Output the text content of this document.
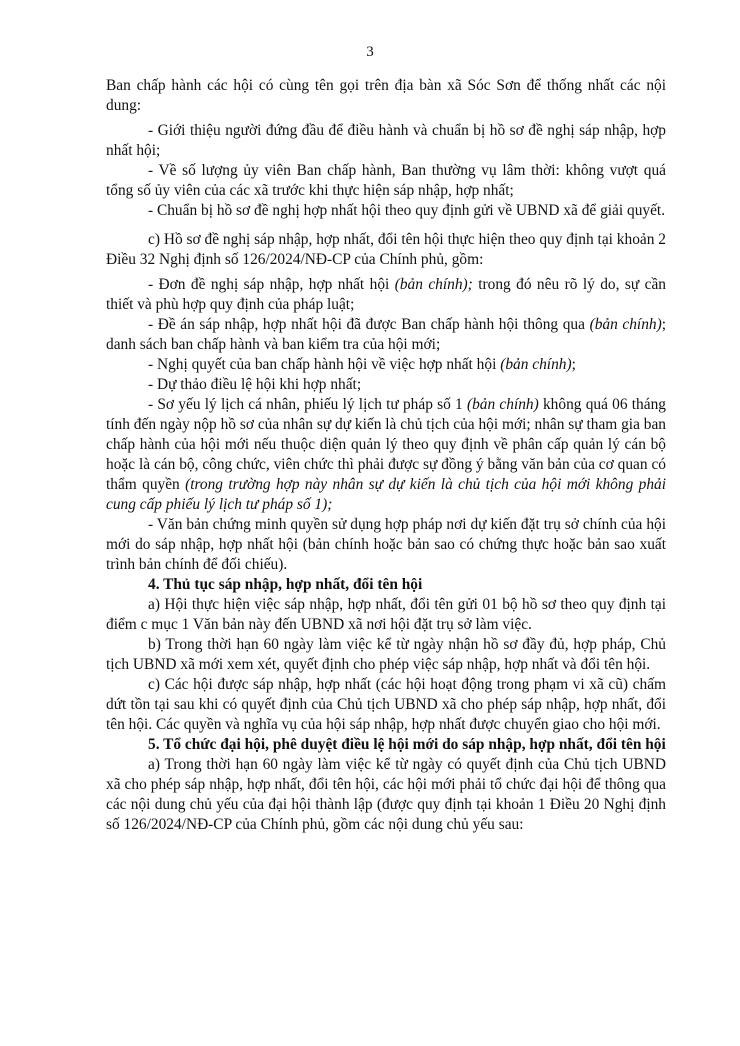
3

Ban chấp hành các hội có cùng tên gọi trên địa bàn xã Sóc Sơn để thống nhất các nội dung:

- Giới thiệu người đứng đầu để điều hành và chuẩn bị hồ sơ đề nghị sáp nhập, hợp nhất hội;

- Về số lượng ủy viên Ban chấp hành, Ban thường vụ lâm thời: không vượt quá tổng số ủy viên của các xã trước khi thực hiện sáp nhập, hợp nhất;

- Chuẩn bị hồ sơ đề nghị hợp nhất hội theo quy định gửi về UBND xã để giải quyết.

c) Hồ sơ đề nghị sáp nhập, hợp nhất, đổi tên hội thực hiện theo quy định tại khoản 2 Điều 32 Nghị định số 126/2024/NĐ-CP của Chính phủ, gồm:

- Đơn đề nghị sáp nhập, hợp nhất hội (bản chính); trong đó nêu rõ lý do, sự cần thiết và phù hợp quy định của pháp luật;

- Đề án sáp nhập, hợp nhất hội đã được Ban chấp hành hội thông qua (bản chính); danh sách ban chấp hành và ban kiểm tra của hội mới;

- Nghị quyết của ban chấp hành hội về việc hợp nhất hội (bản chính);

- Dự thảo điều lệ hội khi hợp nhất;

- Sơ yếu lý lịch cá nhân, phiếu lý lịch tư pháp số 1 (bản chính) không quá 06 tháng tính đến ngày nộp hồ sơ của nhân sự dự kiến là chủ tịch của hội mới; nhân sự tham gia ban chấp hành của hội mới nếu thuộc diện quản lý theo quy định về phân cấp quản lý cán bộ hoặc là cán bộ, công chức, viên chức thì phải được sự đồng ý bằng văn bản của cơ quan có thẩm quyền (trong trường hợp này nhân sự dự kiến là chủ tịch của hội mới không phải cung cấp phiếu lý lịch tư pháp số 1);

- Văn bản chứng minh quyền sử dụng hợp pháp nơi dự kiến đặt trụ sở chính của hội mới do sáp nhập, hợp nhất hội (bản chính hoặc bản sao có chứng thực hoặc bản sao xuất trình bản chính để đối chiếu).

4. Thủ tục sáp nhập, hợp nhất, đổi tên hội

a) Hội thực hiện việc sáp nhập, hợp nhất, đổi tên gửi 01 bộ hồ sơ theo quy định tại điểm c mục 1 Văn bản này đến UBND xã nơi hội đặt trụ sở làm việc.

b) Trong thời hạn 60 ngày làm việc kể từ ngày nhận hồ sơ đầy đủ, hợp pháp, Chủ tịch UBND xã mới xem xét, quyết định cho phép việc sáp nhập, hợp nhất và đổi tên hội.

c) Các hội được sáp nhập, hợp nhất (các hội hoạt động trong phạm vi xã cũ) chấm dứt tồn tại sau khi có quyết định của Chủ tịch UBND xã cho phép sáp nhập, hợp nhất, đổi tên hội. Các quyền và nghĩa vụ của hội sáp nhập, hợp nhất được chuyển giao cho hội mới.

5. Tổ chức đại hội, phê duyệt điều lệ hội mới do sáp nhập, hợp nhất, đổi tên hội

a) Trong thời hạn 60 ngày làm việc kể từ ngày có quyết định của Chủ tịch UBND xã cho phép sáp nhập, hợp nhất, đổi tên hội, các hội mới phải tổ chức đại hội để thông qua các nội dung chủ yếu của đại hội thành lập (được quy định tại khoản 1 Điều 20 Nghị định số 126/2024/NĐ-CP của Chính phủ, gồm các nội dung chủ yếu sau:
